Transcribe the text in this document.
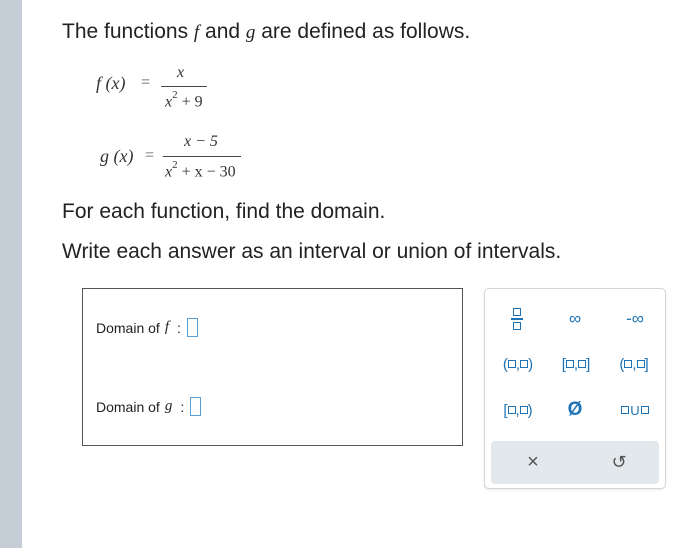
The functions f and g are defined as follows.
f (x) =
x
$x^2 + 9$
g (x) =
x − 5
$x^2 + x - 30$
For each function, find the domain.
Write each answer as an interval or union of intervals.
Domain of f :
Domain of g :
∞	-∞
( , ) [ , ] ( , ]
[ , )	Ø	U
×	↺
